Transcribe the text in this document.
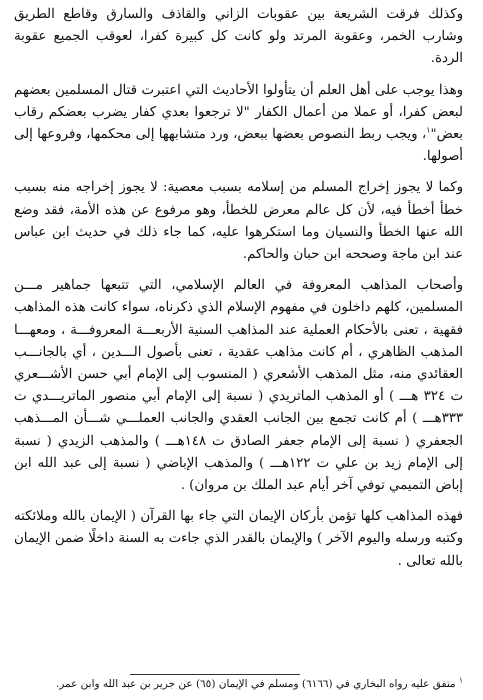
وكذلك فرقت الشريعة بين عقوبات الزاني والقاذف والسارق وقاطع الطريق وشارب الخمر، وعقوبة المرتد ولو كانت كل كبيرة كفرا، لعوقب الجميع عقوبة الردة.

وهذا يوجب على أهل العلم أن يتأولوا الأحاديث التي اعتبرت قتال المسلمين بعضهم لبعض كفرا، أو عملا من أعمال الكفار "لا ترجعوا بعدي كفار يضرب بعضكم رقاب بعض"$^١$، ويجب ربط النصوص بعضها ببعض، ورد متشابهها إلى محكمها، وفروعها إلى أصولها.

وكما لا يجوز إخراج المسلم من إسلامه بسبب معصية: لا يجوز إخراجه منه بسبب خطأ أخطأ فيه، لأن كل عالم معرض للخطأ، وهو مرفوع عن هذه الأمة، فقد وضع الله عنها الخطأ والنسيان وما استكرهوا عليه، كما جاء ذلك في حديث ابن عباس عند ابن ماجة وصححه ابن حبان والحاكم.

وأصحاب المذاهب المعروفة في العالم الإسلامي، التي تتبعها جماهير مـــن المسلمين، كلهم داخلون في مفهوم الإسلام الذي ذكرناه، سواء كانت هذه المذاهب فقهية ، تعنى بالأحكام العملية عند المذاهب السنية الأربعـــة المعروفـــة ، ومعهـــا المذهب الظاهري ، أم كانت مذاهب عقدية ، تعنى بأصول الـــدين ، أي بالجانـــب العقائدي منه، مثل المذهب الأشعري ( المنسوب إلى الإمام أبي حسن الأشـــعري ت ٣٢٤ هـــ ) أو المذهب الماتريدي ( نسبة إلى الإمام أبي منصور الماتريـــدي ت ٣٣٣هـــ ) أم كانت تجمع بين الجانب العقدي والجانب العملـــي شـــأن المـــذهب الجعفري ( نسبة إلى الإمام جعفر الصادق ت ١٤٨هـــ ) والمذهب الزيدي ( نسبة إلى الإمام زيد بن علي ت ١٢٢هـــ ) والمذهب الإباضي ( نسبة إلى عبد الله ابن إباض التميمي توفي آخر أيام عبد الملك بن مروان) .

فهذه المذاهب كلها تؤمن بأركان الإيمان التي جاء بها القرآن ( الإيمان بالله وملائكته وكتبه ورسله واليوم الآخر ) والإيمان بالقدر الذي جاءت به السنة داخلًا ضمن الإيمان بالله تعالى .

$^١$ متفق عليه رواه البخاري في (٦١٦٦) ومسلم في الإيمان (٦٥) عن جرير بن عبد الله وابن عمر.
